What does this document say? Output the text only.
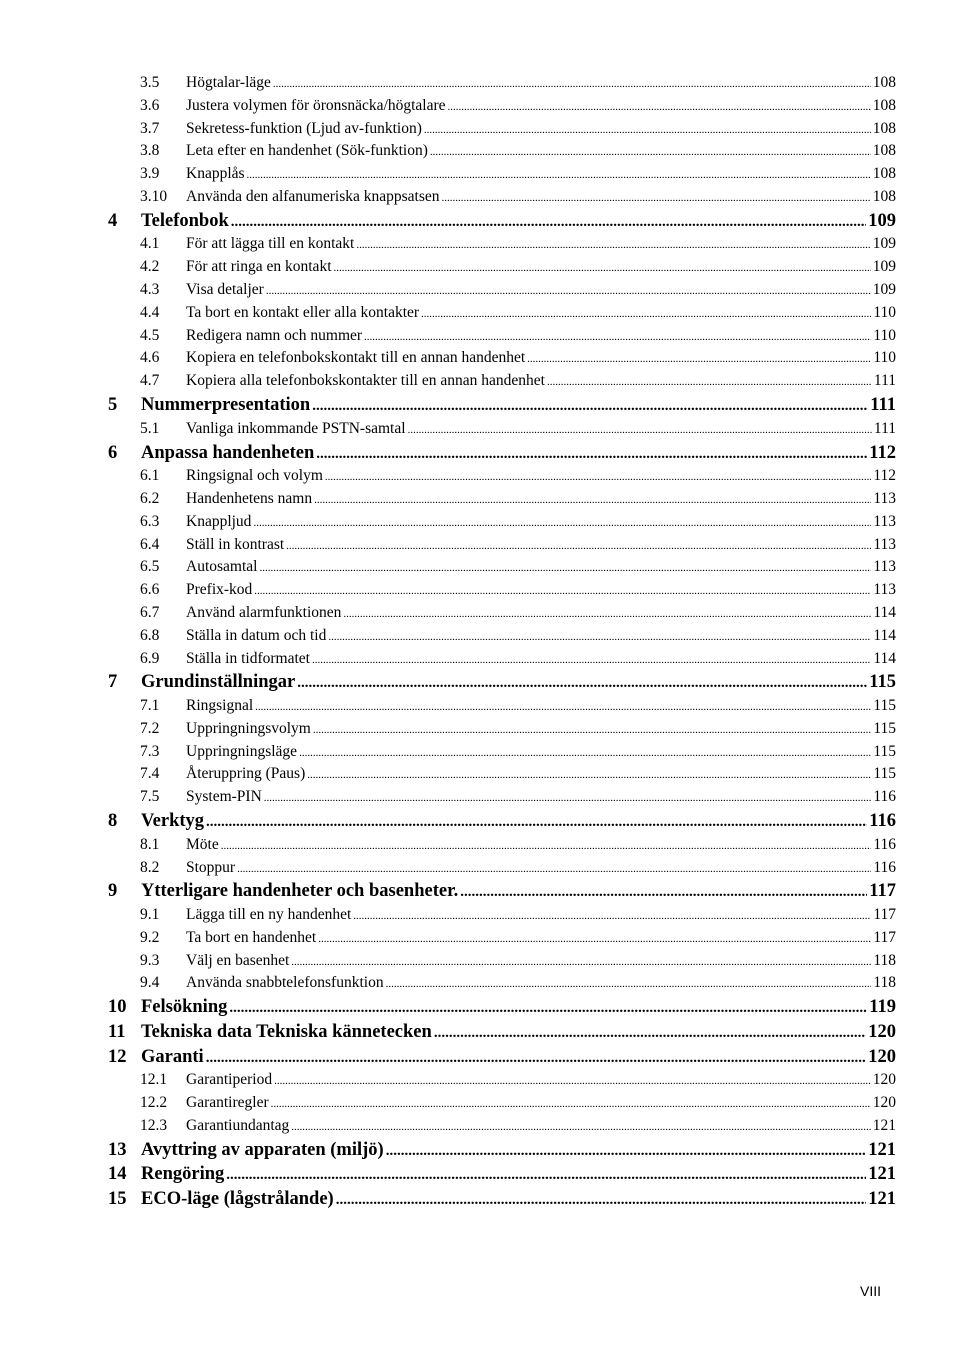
3.5	Högtalar-läge .....	108
3.6	Justera volymen för öronsnäcka/högtalare .....	108
3.7	Sekretess-funktion (Ljud av-funktion) .....	108
3.8	Leta efter en handenhet (Sök-funktion) .....	108
3.9	Knapplås .....	108
3.10	Använda den alfanumeriska knappsatsen .....	108
4	Telefonbok .....	109
4.1	För att lägga till en kontakt .....	109
4.2	För att ringa en kontakt .....	109
4.3	Visa detaljer .....	109
4.4	Ta bort en kontakt eller alla kontakter .....	110
4.5	Redigera namn och nummer .....	110
4.6	Kopiera en telefonbokskontakt till en annan handenhet .....	110
4.7	Kopiera alla telefonbokskontakter till en annan handenhet .....	111
5	Nummerpresentation .....	111
5.1	Vanliga inkommande PSTN-samtal .....	111
6	Anpassa handenheten .....	112
6.1	Ringsignal och volym .....	112
6.2	Handenhetens namn .....	113
6.3	Knappljud .....	113
6.4	Ställ in kontrast .....	113
6.5	Autosamtal .....	113
6.6	Prefix-kod .....	113
6.7	Använd alarmfunktionen .....	114
6.8	Ställa in datum och tid .....	114
6.9	Ställa in tidformatet .....	114
7	Grundinställningar .....	115
7.1	Ringsignal .....	115
7.2	Uppringningsvolym .....	115
7.3	Uppringningsläge .....	115
7.4	Återuppring (Paus) .....	115
7.5	System-PIN .....	116
8	Verktyg .....	116
8.1	Möte .....	116
8.2	Stoppur .....	116
9	Ytterligare handenheter och basenheter. .....	117
9.1	Lägga till en ny handenhet .....	117
9.2	Ta bort en handenhet .....	117
9.3	Välj en basenhet .....	118
9.4	Använda snabbtelefonsfunktion .....	118
10 Felsökning .....	119
11 Tekniska data Tekniska kännetecken .....	120
12 Garanti .....	120
12.1	Garantiperiod .....	120
12.2	Garantiregler .....	120
12.3	Garantiundantag .....	121
13 Avyttring av apparaten (miljö) .....	121
14 Rengöring .....	121
15 ECO-läge (lågstrålande) .....	121
VIII
